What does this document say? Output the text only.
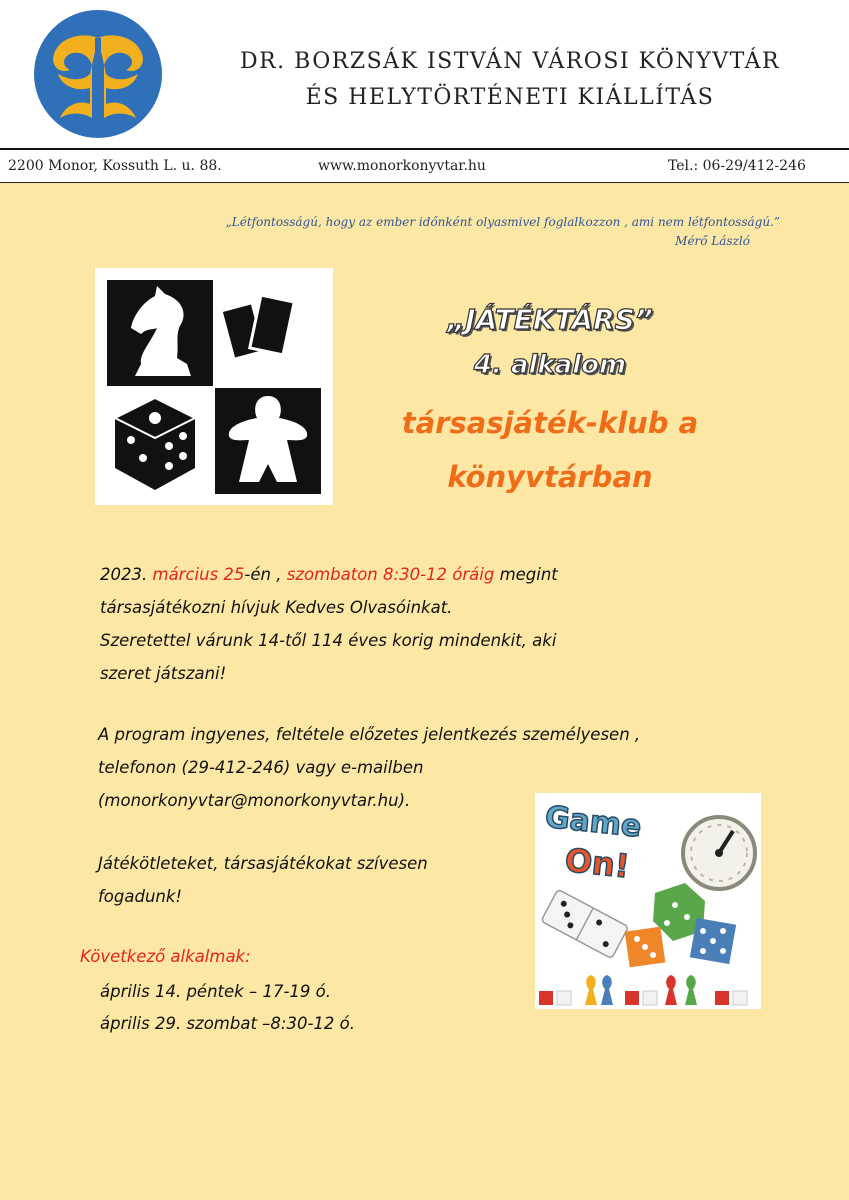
DR. BORZSÁK ISTVÁN VÁROSI KÖNYVTÁR
ÉS HELYTÖRTÉNETI KIÁLLÍTÁS
2200 Monor, Kossuth L. u. 88.	www.monorkonyvtar.hu	Tel.: 06-29/412-246
„Létfontosságú, hogy az ember időnként olyasmivel foglalkozzon , ami nem létfontosságú.”
Mérő László
„JÁTÉKTÁRS”
4. alkalom
társasjáték-klub a
könyvtárban
2023. március 25-én , szombaton 8:30-12 óráig megint
társasjátékozni hívjuk Kedves Olvasóinkat.
Szeretettel várunk 14-től 114 éves korig mindenkit, aki
szeret játszani!
A program ingyenes, feltétele előzetes jelentkezés személyesen ,
telefonon (29-412-246) vagy e-mailben
(monorkonyvtar@monorkonyvtar.hu).
Játékötleteket, társasjátékokat szívesen
fogadunk!
Game
On!
Következő alkalmak:
április 14. péntek – 17-19 ó.
április 29. szombat –8:30-12 ó.
